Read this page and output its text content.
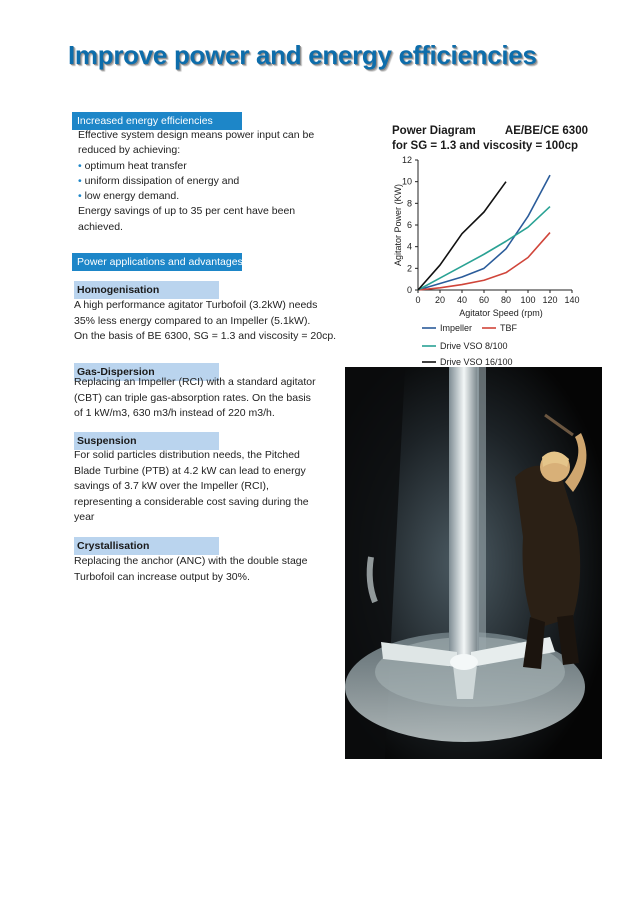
Improve power and energy efficiencies
Increased energy efficiencies

Effective system design means power input can be reduced by achieving:

• optimum heat transfer
• uniform dissipation of energy and
• low energy demand.

Energy savings of up to 35 per cent have been achieved.

Power applications and advantages
Homogenisation
A high performance agitator Turbofoil (3.2kW) needs
35% less energy compared to an Impeller (5.1kW).
On the basis of BE 6300, SG = 1.3 and viscosity = 20cp.
Gas-Dispersion
Replacing an Impeller (RCI) with a standard agitator
(CBT) can triple gas-absorption rates. On the basis
of 1 kW/m3, 630 m3/h instead of 220 m3/h.
Suspension
For solid particles distribution needs, the Pitched
Blade Turbine (PTB) at 4.2 kW can lead to energy
savings of 3.7 kW over the Impeller (RCI),
representing a considerable cost saving during the
year
Crystallisation
Replacing the anchor (ANC) with the double stage
Turbofoil can increase output by 30%.
Power Diagram	AE/BE/CE 6300
for SG = 1.3 and viscosity = 100cp
0
2
4
6
8
10
12
0 20 40 60 80 100 120 140
Agitator Speed (rpm)
Agitator Power (KW)
Impeller	TBF
Drive VSO 8/100
Drive VSO 16/100
